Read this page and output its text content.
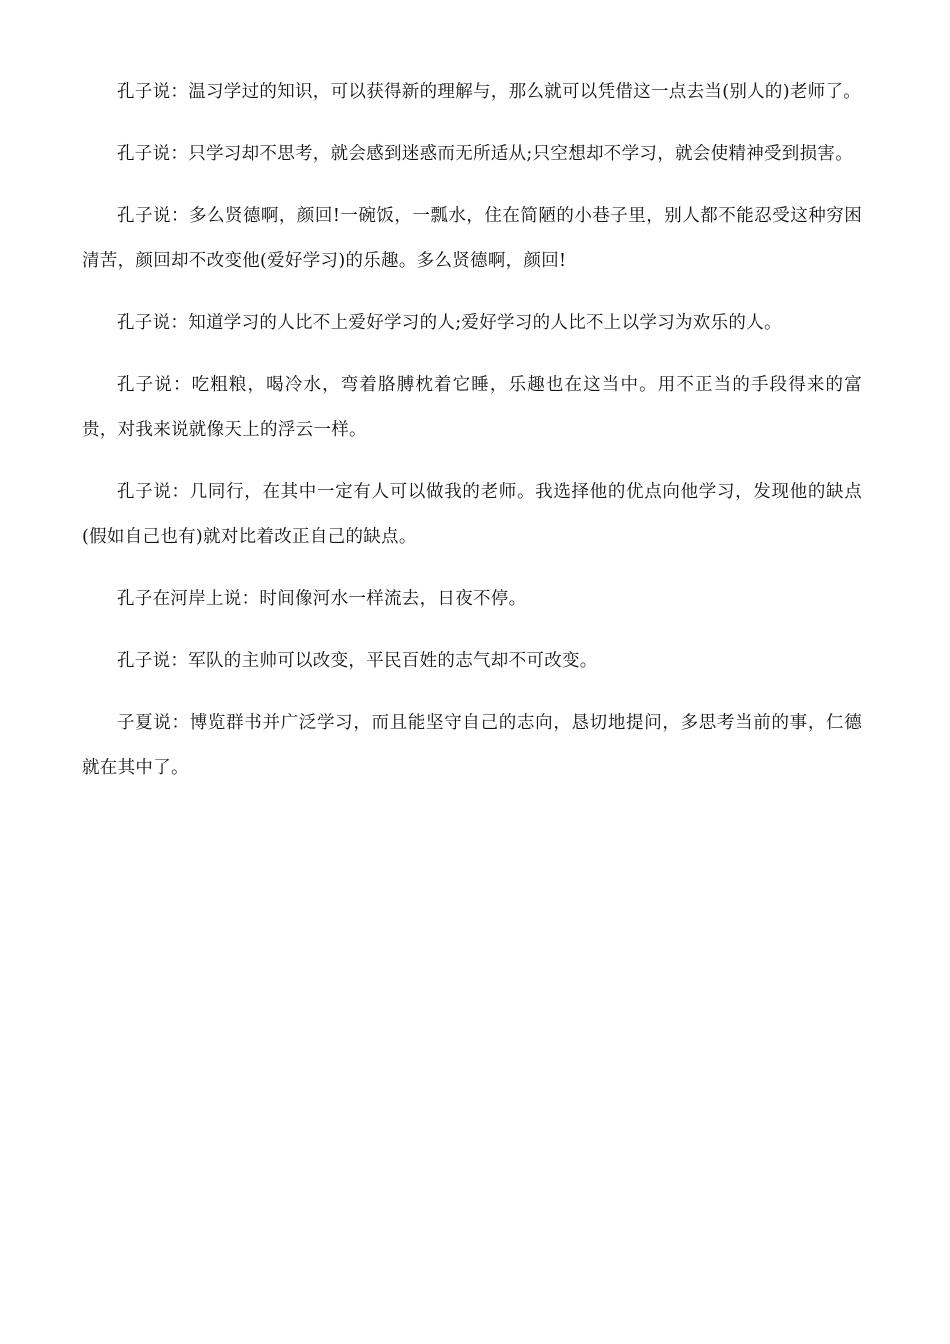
孔子说：温习学过的知识，可以获得新的理解与，那么就可以凭借这一点去当(别人的)老师了。

孔子说：只学习却不思考，就会感到迷惑而无所适从;只空想却不学习，就会使精神受到损害。

孔子说：多么贤德啊，颜回!一碗饭，一瓢水，住在简陋的小巷子里，别人都不能忍受这种穷困清苦，颜回却不改变他(爱好学习)的乐趣。多么贤德啊，颜回!

孔子说：知道学习的人比不上爱好学习的人;爱好学习的人比不上以学习为欢乐的人。

孔子说：吃粗粮，喝冷水，弯着胳膊枕着它睡，乐趣也在这当中。用不正当的手段得来的富贵，对我来说就像天上的浮云一样。

孔子说：几同行，在其中一定有人可以做我的老师。我选择他的优点向他学习，发现他的缺点(假如自己也有)就对比着改正自己的缺点。

孔子在河岸上说：时间像河水一样流去，日夜不停。

孔子说：军队的主帅可以改变，平民百姓的志气却不可改变。

子夏说：博览群书并广泛学习，而且能坚守自己的志向，恳切地提问，多思考当前的事，仁德就在其中了。
